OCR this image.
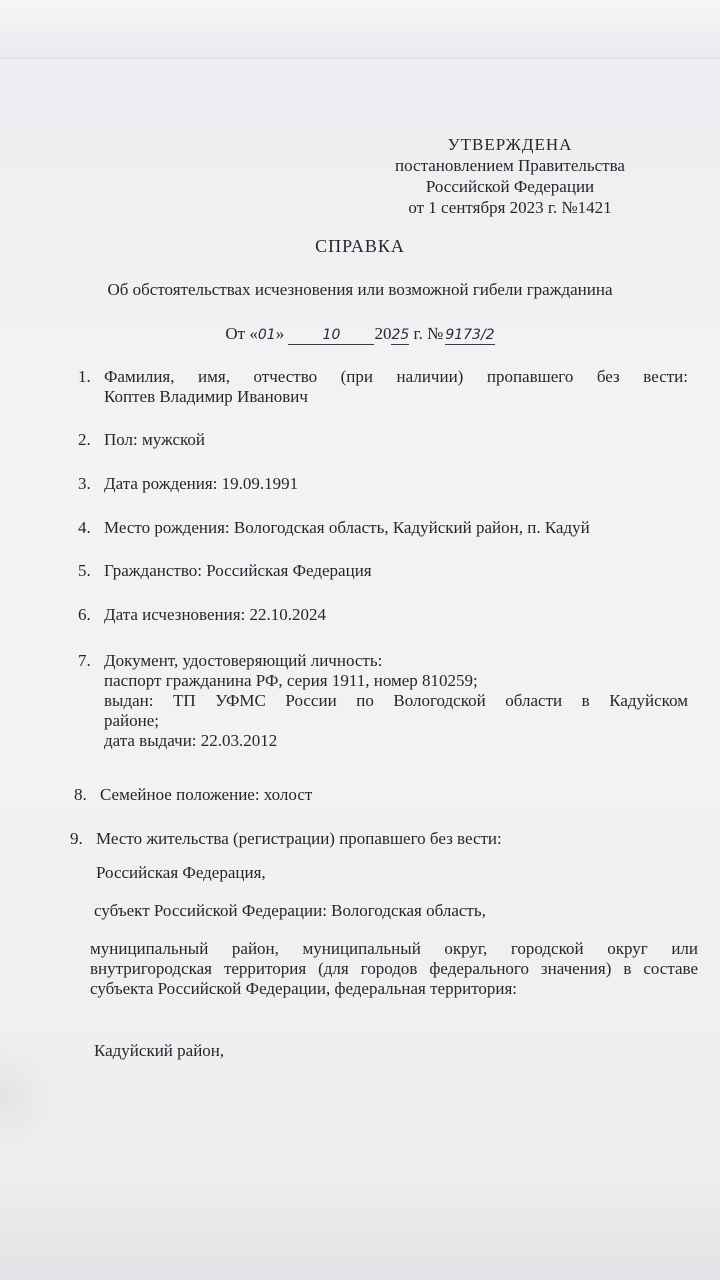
УТВЕРЖДЕНА
постановлением Правительства
Российской Федерации
от 1 сентября 2023 г. №1421
СПРАВКА
Об обстоятельствах исчезновения или возможной гибели гражданина
От «01»	10 2025 г. № 9173/2
1. Фамилия, имя, отчество (при наличии) пропавшего без вести:
Коптев Владимир Иванович
2. Пол: мужской
3. Дата рождения: 19.09.1991
4. Место рождения: Вологодская область, Кадуйский район, п. Кадуй
5. Гражданство: Российская Федерация
6. Дата исчезновения: 22.10.2024
7. Документ, удостоверяющий личность:
паспорт гражданина РФ, серия 1911, номер 810259;
выдан: ТП УФМС России по Вологодской области в Кадуйском
районе;
дата выдачи: 22.03.2012
8. Семейное положение: холост
9. Место жительства (регистрации) пропавшего без вести:
Российская Федерация,
субъект Российской Федерации: Вологодская область,
муниципальный район, муниципальный округ, городской округ или внутригородская территория (для городов федерального значения) в составе субъекта Российской Федерации, федеральная территория:
Кадуйский район,
